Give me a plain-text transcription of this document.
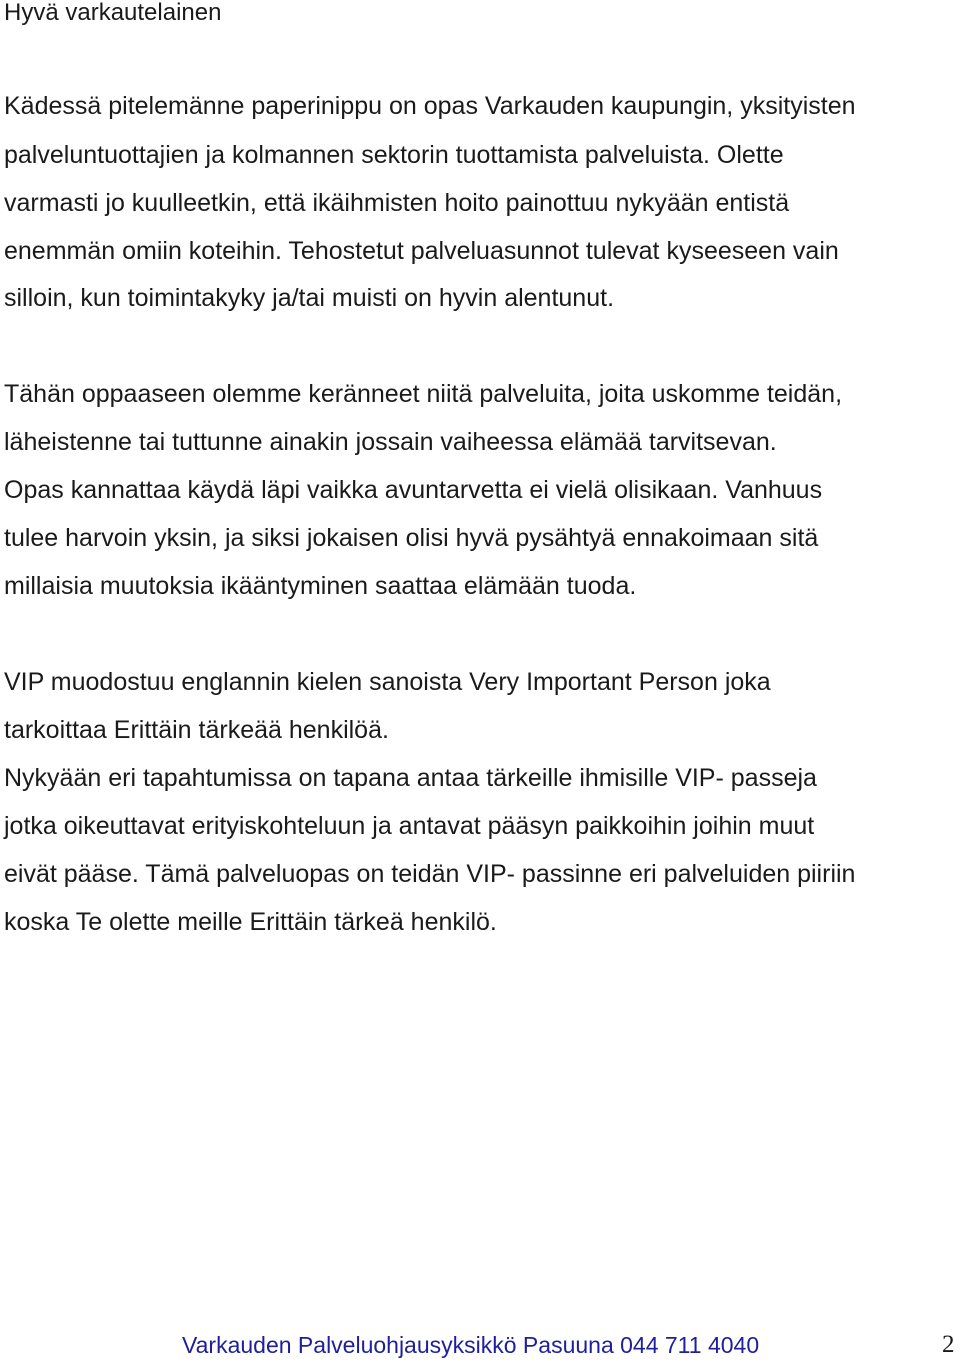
Hyvä varkautelainen
Kädessä pitelemänne paperinippu on opas Varkauden kaupungin, yksityisten
palveluntuottajien ja kolmannen sektorin tuottamista palveluista. Olette
varmasti jo kuulleetkin, että ikäihmisten hoito painottuu nykyään entistä
enemmän omiin koteihin. Tehostetut palveluasunnot tulevat kyseeseen vain
silloin, kun toimintakyky ja/tai muisti on hyvin alentunut.
Tähän oppaaseen olemme keränneet niitä palveluita, joita uskomme teidän,
läheistenne tai tuttunne ainakin jossain vaiheessa elämää tarvitsevan.
Opas kannattaa käydä läpi vaikka avuntarvetta ei vielä olisikaan. Vanhuus
tulee harvoin yksin, ja siksi jokaisen olisi hyvä pysähtyä ennakoimaan sitä
millaisia muutoksia ikääntyminen saattaa elämään tuoda.
VIP muodostuu englannin kielen sanoista Very Important Person joka
tarkoittaa Erittäin tärkeää henkilöä.
Nykyään eri tapahtumissa on tapana antaa tärkeille ihmisille VIP- passeja
jotka oikeuttavat erityiskohteluun ja antavat pääsyn paikkoihin joihin muut
eivät pääse. Tämä palveluopas on teidän VIP- passinne eri palveluiden piiriin
koska Te olette meille Erittäin tärkeä henkilö.
Varkauden Palveluohjausyksikkö Pasuuna 044 711 4040	2
